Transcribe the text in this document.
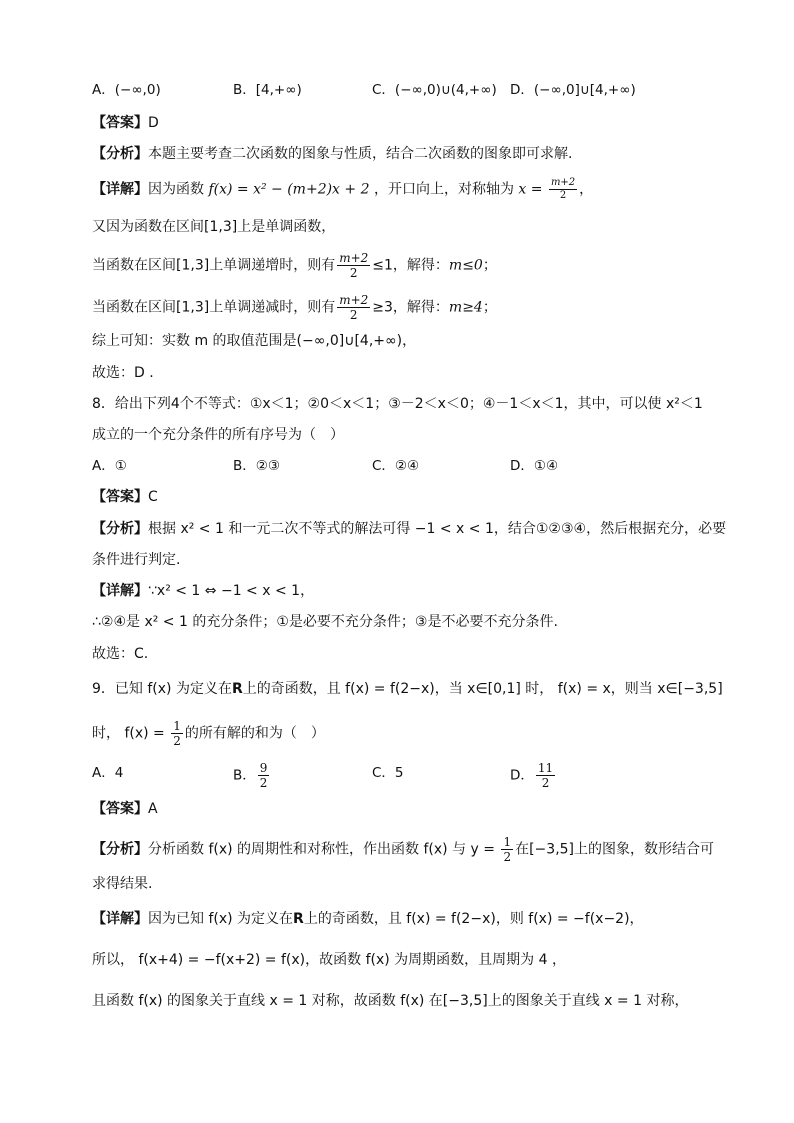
A．(−∞,0)	B．[4,+∞)	C．(−∞,0)∪(4,+∞) D．(−∞,0]∪[4,+∞)
【答案】D
【分析】本题主要考查二次函数的图象与性质，结合二次函数的图象即可求解.
【详解】因为函数 f(x) = x² − (m+2)x + 2 ，开口向上，对称轴为 $x = \frac{m+2}{2}$ ，
又因为函数在区间[1,3]上是单调函数，
当函数在区间[1,3]上单调递增时，则有 $\frac{m+2}{2} \le 1$，解得：m≤0；
当函数在区间[1,3]上单调递减时，则有 $\frac{m+2}{2} \ge 3$，解得：m≥4；
综上可知：实数 m 的取值范围是(−∞,0]∪[4,+∞)，
故选：D .
8．给出下列4个不等式：①x＜1；②0＜x＜1；③－2＜x＜0；④－1＜x＜1，其中，可以使 x²＜1
成立的一个充分条件的所有序号为（　）
A．①	B．②③	C．②④	D．①④
【答案】C
【分析】根据 x² < 1 和一元二次不等式的解法可得 −1 < x < 1，结合①②③④，然后根据充分，必要
条件进行判定.
【详解】∵x² < 1 ⇔ −1 < x < 1，
∴②④是 x² < 1 的充分条件；①是必要不充分条件；③是不必要不充分条件.
故选：C.
9．已知 f(x) 为定义在R上的奇函数，且 f(x) = f(2−x)，当 x∈[0,1] 时， f(x) = x，则当 x∈[−3,5]
时， $f(x) = \frac{1}{2}$ 的所有解的和为（　）
A．4	B． $\frac{9}{2}$	C．5	D． $\frac{11}{2}$
【答案】A
【分析】分析函数 f(x) 的周期性和对称性，作出函数 f(x) 与 $y = \frac{1}{2}$ 在[−3,5]上的图象，数形结合可
求得结果.
【详解】因为已知 f(x) 为定义在R上的奇函数，且 f(x) = f(2−x)，则 f(x) = −f(x−2)，
所以， f(x+4) = −f(x+2) = f(x)，故函数 f(x) 为周期函数，且周期为 4 ，
且函数 f(x) 的图象关于直线 x = 1 对称，故函数 f(x) 在[−3,5]上的图象关于直线 x = 1 对称，
